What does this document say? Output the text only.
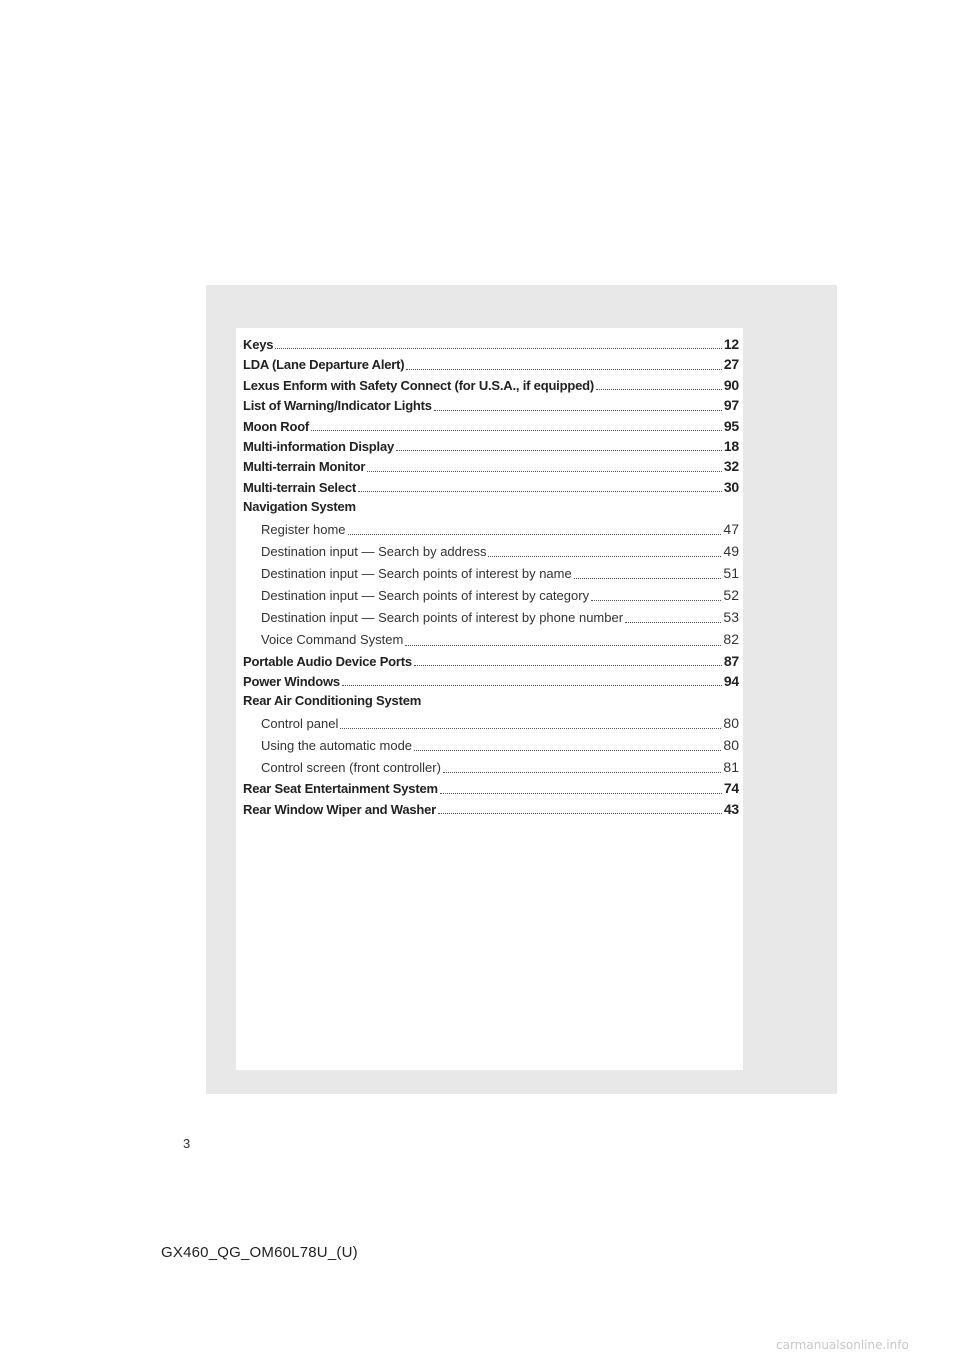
Keys	12
LDA (Lane Departure Alert)	27
Lexus Enform with Safety Connect (for U.S.A., if equipped)	90
List of Warning/Indicator Lights	97
Moon Roof	95
Multi-information Display	18
Multi-terrain Monitor	32
Multi-terrain Select	30
Navigation System
Register home	47
Destination input — Search by address	49
Destination input — Search points of interest by name	51
Destination input — Search points of interest by category	52
Destination input — Search points of interest by phone number	53
Voice Command System	82
Portable Audio Device Ports	87
Power Windows	94
Rear Air Conditioning System
Control panel	80
Using the automatic mode	80
Control screen (front controller)	81
Rear Seat Entertainment System	74
Rear Window Wiper and Washer	43
3
GX460_QG_OM60L78U_(U)
carmanualsonline.info
